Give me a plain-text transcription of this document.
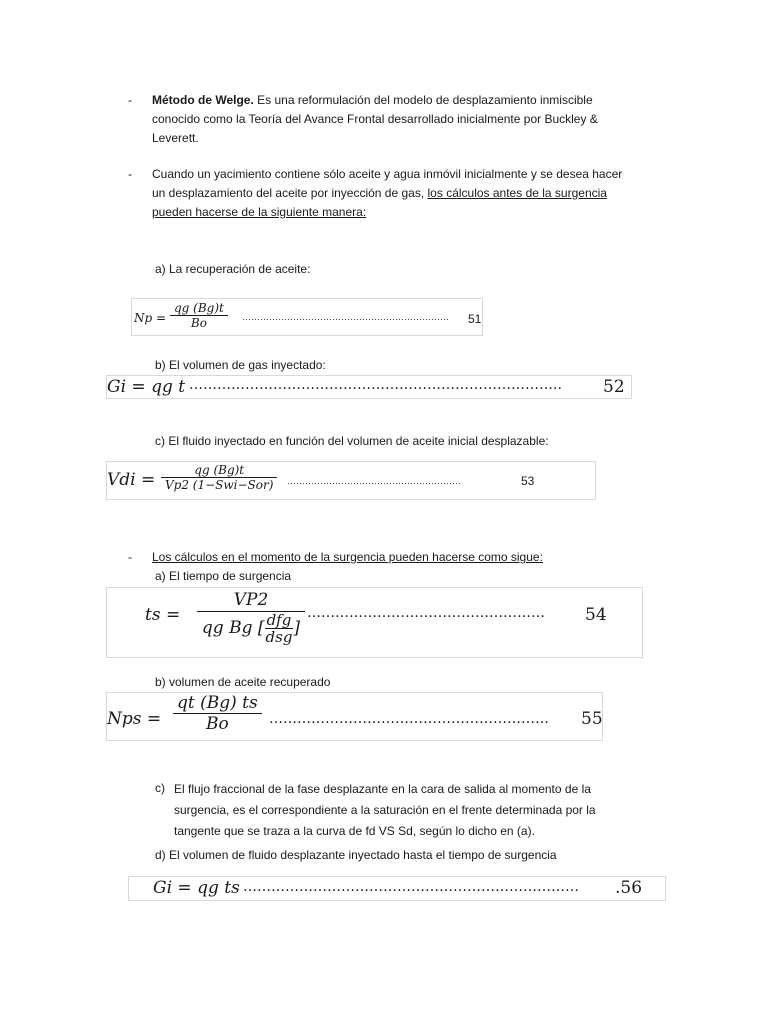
- Método de Welge. Es una reformulación del modelo de desplazamiento inmiscible conocido como la Teoría del Avance Frontal desarrollado inicialmente por Buckley & Leverett.
- Cuando un yacimiento contiene sólo aceite y agua inmóvil inicialmente y se desea hacer un desplazamiento del aceite por inyección de gas, los cálculos antes de la surgencia pueden hacerse de la siguiente manera:
a) La recuperación de aceite:
$Np = \frac{qg (Bg)t}{Bo}$ …………………………………………………………… 51
b) El volumen de gas inyectado:
Gi = qg t …………………………………………………………………….. 52
c) El fluido inyectado en función del volumen de aceite inicial desplazable:
Vdi =	qg (Bg)t
Vp2 (1−Swi−Sor)	………………………………………………….	53
- Los cálculos en el momento de la surgencia pueden hacerse como sigue:
a) El tiempo de surgencia
ts =
VP2
qg Bg [ $\frac{\text{dfg}}{\text{dsg}}$ ]
…………………………………………… 54
b) volumen de aceite recuperado
Nps = $\frac{qt (Bg) ts}{Bo}$ …………………………………………………… 55
c) El flujo fraccional de la fase desplazante en la cara de salida al momento de la surgencia, es el correspondiente a la saturación en el frente determinada por la tangente que se traza a la curva de fd VS Sd, según lo dicho en (a).
d) El volumen de fluido desplazante inyectado hasta el tiempo de surgencia
Gi = qg ts ……………………………………………………………… .56
